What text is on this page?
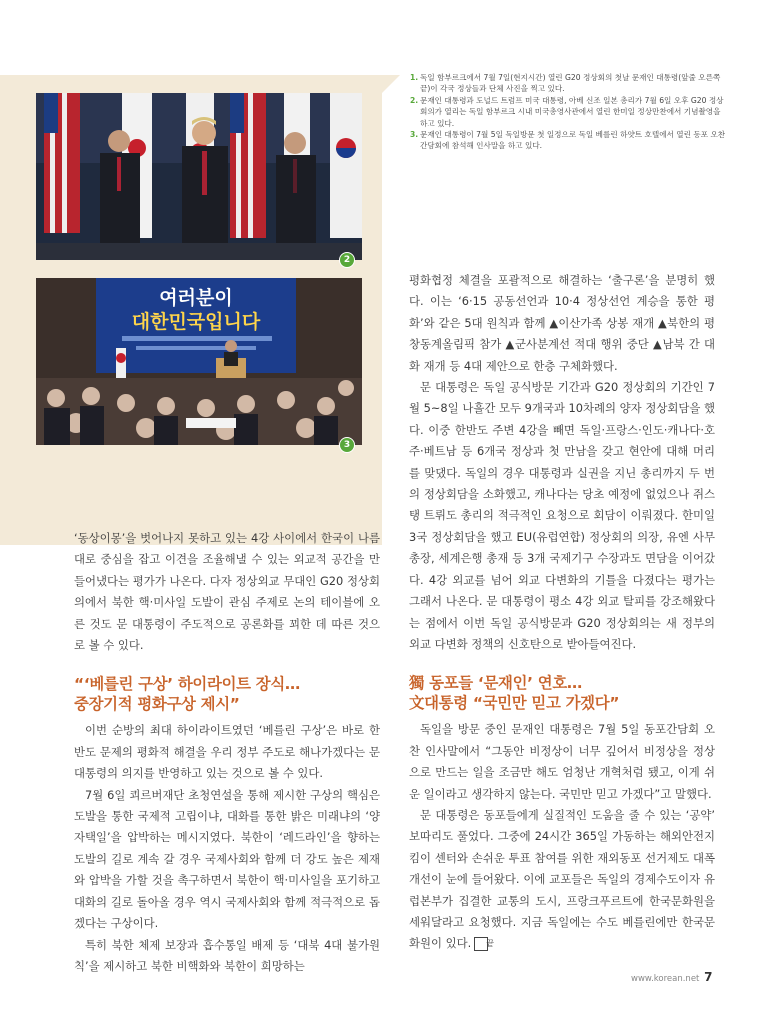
2
여러분이
대한민국입니다
3
1. 독일 함부르크에서 7월 7일(현지시간) 열린 G20 정상회의 첫날 문재인 대통령(앞줄 오른쪽 끝)이 각국 정상들과 단체 사진을 찍고 있다.
2. 문재인 대통령과 도널드 트럼프 미국 대통령, 아베 신조 일본 총리가 7월 6일 오후 G20 정상회의가 열리는 독일 함부르크 시내 미국총영사관에서 열린 한미일 정상만찬에서 기념촬영을 하고 있다.
3. 문재인 대통령이 7월 5일 독일방문 첫 일정으로 독일 베를린 하얏트 호텔에서 열린 동포 오찬 간담회에 참석해 인사말을 하고 있다.

‘동상이몽’을 벗어나지 못하고 있는 4강 사이에서 한국이 나름대로 중심을 잡고 이견을 조율해낼 수 있는 외교적 공간을 만들어냈다는 평가가 나온다. 다자 정상외교 무대인 G20 정상회의에서 북한 핵·미사일 도발이 관심 주제로 논의 테이블에 오른 것도 문 대통령이 주도적으로 공론화를 꾀한 데 따른 것으로 볼 수 있다.

“‘베를린 구상’ 하이라이트 장식…
중장기적 평화구상 제시”

이번 순방의 최대 하이라이트였던 ‘베를린 구상’은 바로 한반도 문제의 평화적 해결을 우리 정부 주도로 해나가겠다는 문 대통령의 의지를 반영하고 있는 것으로 볼 수 있다.

7월 6일 쾨르버재단 초청연설을 통해 제시한 구상의 핵심은 도발을 통한 국제적 고립이냐, 대화를 통한 밝은 미래냐의 ‘양자택일’을 압박하는 메시지였다. 북한이 ‘레드라인’을 향하는 도발의 길로 계속 갈 경우 국제사회와 함께 더 강도 높은 제재와 압박을 가할 것을 촉구하면서 북한이 핵·미사일을 포기하고 대화의 길로 돌아올 경우 역시 국제사회와 함께 적극적으로 돕겠다는 구상이다.

특히 북한 체제 보장과 흡수통일 배제 등 ‘대북 4대 불가원칙’을 제시하고 북한 비핵화와 북한이 희망하는

평화협정 체결을 포괄적으로 해결하는 ‘출구론’을 분명히 했다. 이는 ‘6·15 공동선언과 10·4 정상선언 계승을 통한 평화’와 같은 5대 원칙과 함께 ▲이산가족 상봉 재개 ▲북한의 평창동계올림픽 참가 ▲군사분계선 적대 행위 중단 ▲남북 간 대화 재개 등 4대 제안으로 한층 구체화했다.

문 대통령은 독일 공식방문 기간과 G20 정상회의 기간인 7월 5~8일 나흘간 모두 9개국과 10차례의 양자 정상회담을 했다. 이중 한반도 주변 4강을 빼면 독일·프랑스·인도·캐나다·호주·베트남 등 6개국 정상과 첫 만남을 갖고 현안에 대해 머리를 맞댔다. 독일의 경우 대통령과 실권을 지닌 총리까지 두 번의 정상회담을 소화했고, 캐나다는 당초 예정에 없었으나 쥐스탱 트뤼도 총리의 적극적인 요청으로 회담이 이뤄졌다. 한미일 3국 정상회담을 했고 EU(유럽연합) 정상회의 의장, 유엔 사무총장, 세계은행 총재 등 3개 국제기구 수장과도 면담을 이어갔다. 4강 외교를 넘어 외교 다변화의 기틀을 다졌다는 평가는 그래서 나온다. 문 대통령이 평소 4강 외교 탈피를 강조해왔다는 점에서 이번 독일 공식방문과 G20 정상회의는 새 정부의 외교 다변화 정책의 신호탄으로 받아들여진다.

獨 동포들 ‘문재인’ 연호…
文대통령 “국민만 믿고 가겠다”

독일을 방문 중인 문재인 대통령은 7월 5일 동포간담회 오찬 인사말에서 “그동안 비정상이 너무 깊어서 비정상을 정상으로 만드는 일을 조금만 해도 엄청난 개혁처럼 됐고, 이게 쉬운 일이라고 생각하지 않는다. 국민만 믿고 가겠다”고 말했다.

문 대통령은 동포들에게 실질적인 도움을 줄 수 있는 ‘공약’ 보따리도 풀었다. 그중에 24시간 365일 가동하는 해외안전지킴이 센터와 손쉬운 투표 참여를 위한 재외동포 선거제도 대폭 개선이 눈에 들어왔다. 이에 교포들은 독일의 경제수도이자 유럽본부가 집결한 교통의 도시, 프랑크푸르트에 한국문화원을 세워달라고 요청했다. 지금 독일에는 수도 베를린에만 한국문화원이 있다. 끝

www.korean.net 7
